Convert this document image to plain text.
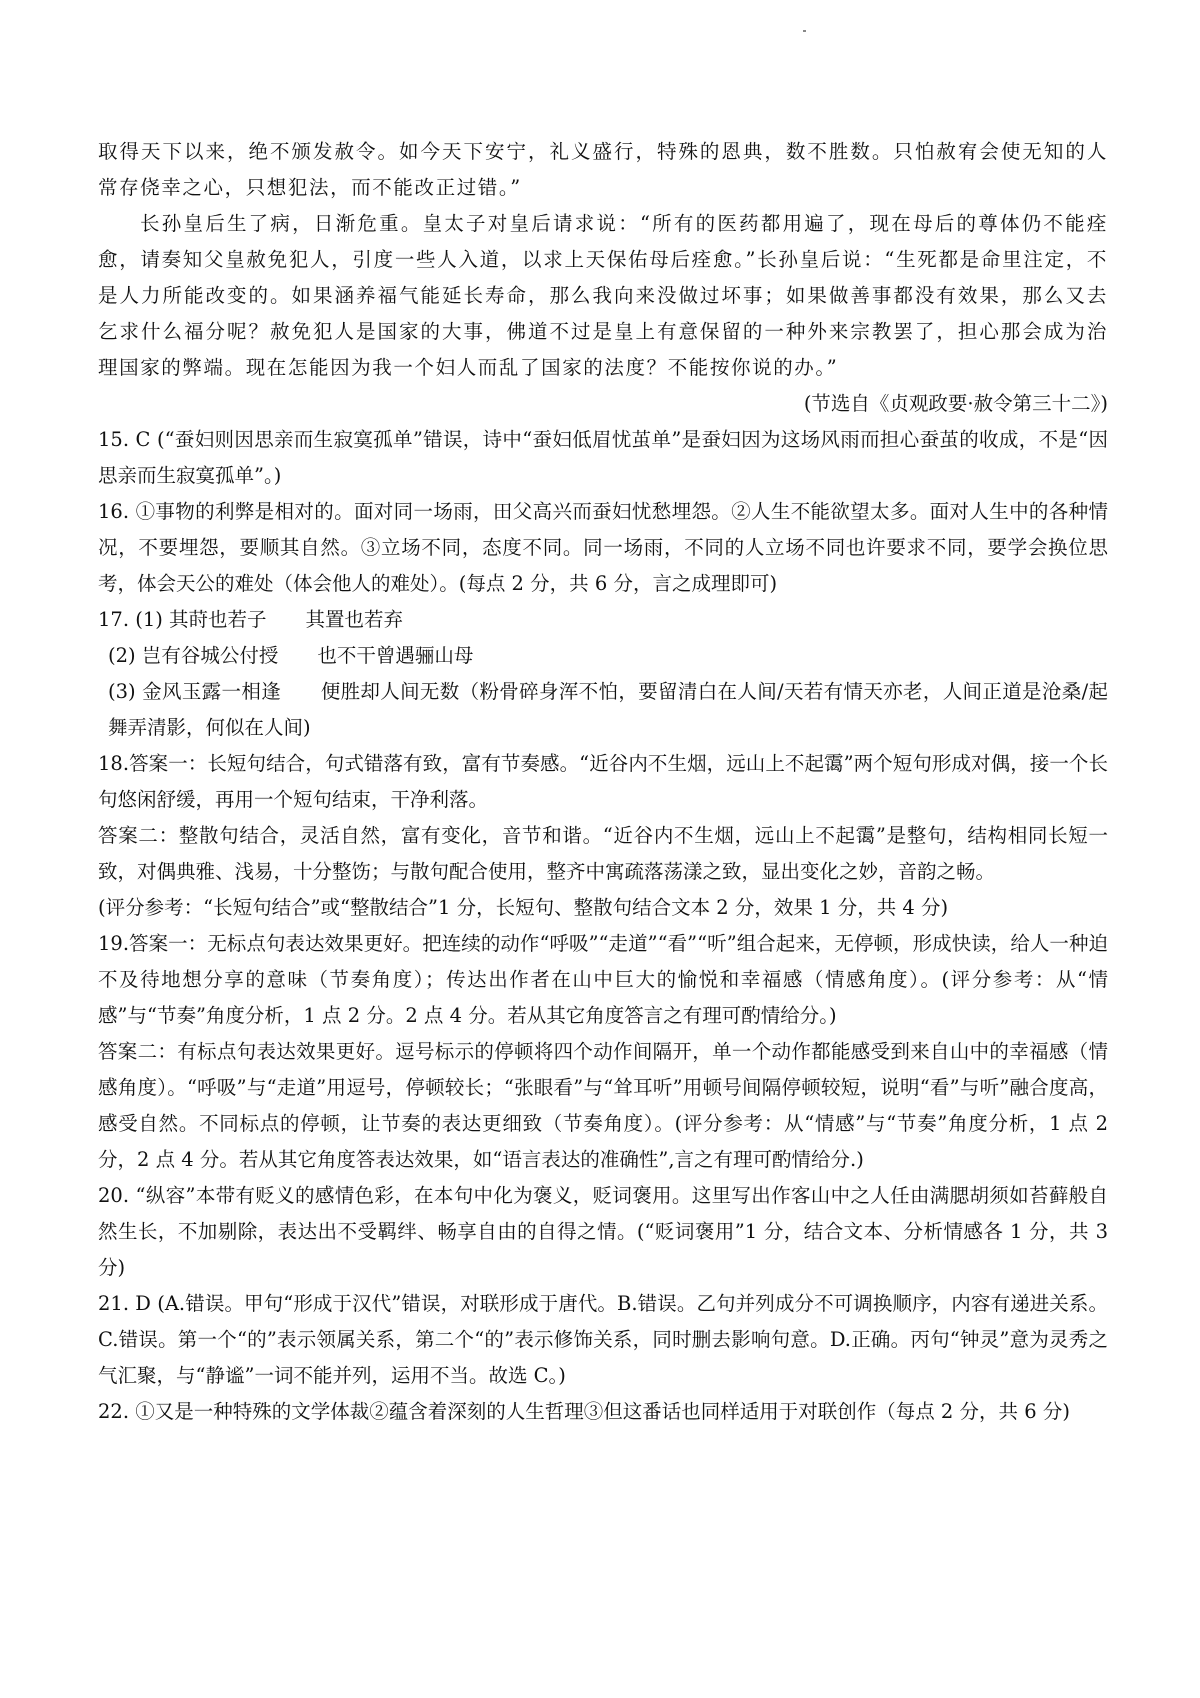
取得天下以来，绝不颁发赦令。如今天下安宁，礼义盛行，特殊的恩典，数不胜数。只怕赦宥会使无知的人常存侥幸之心，只想犯法，而不能改正过错。”

长孙皇后生了病，日渐危重。皇太子对皇后请求说：“所有的医药都用遍了，现在母后的尊体仍不能痊愈，请奏知父皇赦免犯人，引度一些人入道，以求上天保佑母后痊愈。”长孙皇后说：“生死都是命里注定，不是人力所能改变的。如果涵养福气能延长寿命，那么我向来没做过坏事；如果做善事都没有效果，那么又去乞求什么福分呢？赦免犯人是国家的大事，佛道不过是皇上有意保留的一种外来宗教罢了，担心那会成为治理国家的弊端。现在怎能因为我一个妇人而乱了国家的法度？不能按你说的办。”

(节选自《贞观政要·赦令第三十二》)

15. C (“蚕妇则因思亲而生寂寞孤单”错误，诗中“蚕妇低眉忧茧单”是蚕妇因为这场风雨而担心蚕茧的收成，不是“因思亲而生寂寞孤单”。)

16. ①事物的利弊是相对的。面对同一场雨，田父高兴而蚕妇忧愁埋怨。②人生不能欲望太多。面对人生中的各种情况，不要埋怨，要顺其自然。③立场不同，态度不同。同一场雨，不同的人立场不同也许要求不同，要学会换位思考，体会天公的难处（体会他人的难处）。(每点 2 分，共 6 分，言之成理即可)

17. (1) 其莳也若子　　其置也若弃

(2) 岂有谷城公付授　　也不干曾遇骊山母

(3) 金风玉露一相逢　　便胜却人间无数（粉骨碎身浑不怕，要留清白在人间/天若有情天亦老，人间正道是沧桑/起舞弄清影，何似在人间)

18.答案一：长短句结合，句式错落有致，富有节奏感。“近谷内不生烟，远山上不起霭”两个短句形成对偶，接一个长句悠闲舒缓，再用一个短句结束，干净利落。

答案二：整散句结合，灵活自然，富有变化，音节和谐。“近谷内不生烟，远山上不起霭”是整句，结构相同长短一致，对偶典雅、浅易，十分整饬；与散句配合使用，整齐中寓疏落荡漾之致，显出变化之妙，音韵之畅。

(评分参考：“长短句结合”或“整散结合”1 分，长短句、整散句结合文本 2 分，效果 1 分，共 4 分)

19.答案一：无标点句表达效果更好。把连续的动作“呼吸”“走道”“看”“听”组合起来，无停顿，形成快读，给人一种迫不及待地想分享的意味（节奏角度）；传达出作者在山中巨大的愉悦和幸福感（情感角度）。(评分参考：从“情感”与“节奏”角度分析，1 点 2 分。2 点 4 分。若从其它角度答言之有理可酌情给分。)

答案二：有标点句表达效果更好。逗号标示的停顿将四个动作间隔开，单一个动作都能感受到来自山中的幸福感（情感角度）。“呼吸”与“走道”用逗号，停顿较长；“张眼看”与“耸耳听”用顿号间隔停顿较短，说明“看”与听”融合度高，感受自然。不同标点的停顿，让节奏的表达更细致（节奏角度）。(评分参考：从“情感”与“节奏”角度分析，1 点 2 分，2 点 4 分。若从其它角度答表达效果，如“语言表达的准确性”,言之有理可酌情给分.)

20. “纵容”本带有贬义的感情色彩，在本句中化为褒义，贬词褒用。这里写出作客山中之人任由满腮胡须如苔藓般自然生长，不加剔除，表达出不受羁绊、畅享自由的自得之情。(“贬词褒用”1 分，结合文本、分析情感各 1 分，共 3 分)

21. D (A.错误。甲句“形成于汉代”错误，对联形成于唐代。B.错误。乙句并列成分不可调换顺序，内容有递进关系。C.错误。第一个“的”表示领属关系，第二个“的”表示修饰关系，同时删去影响句意。D.正确。丙句“钟灵”意为灵秀之气汇聚，与“静谧”一词不能并列，运用不当。故选 C。)

22. ①又是一种特殊的文学体裁②蕴含着深刻的人生哲理③但这番话也同样适用于对联创作（每点 2 分，共 6 分)
